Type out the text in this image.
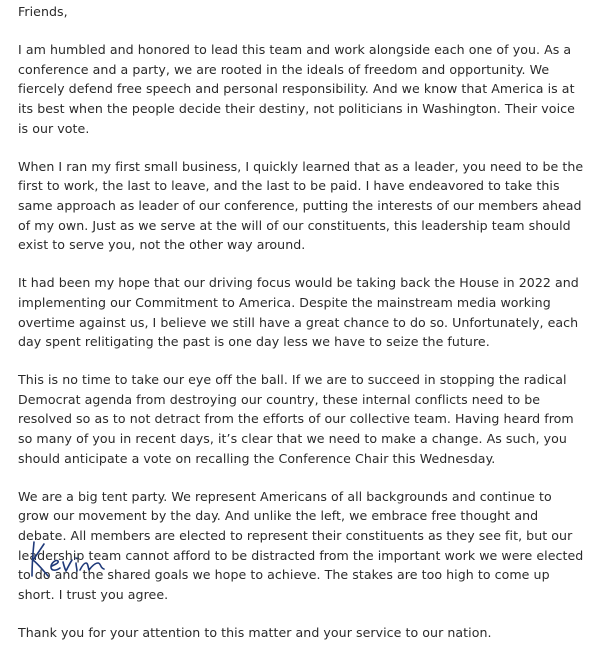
Friends,

I am humbled and honored to lead this team and work alongside each one of you. As a conference and a party, we are rooted in the ideals of freedom and opportunity. We fiercely defend free speech and personal responsibility. And we know that America is at its best when the people decide their destiny, not politicians in Washington. Their voice is our vote.

When I ran my first small business, I quickly learned that as a leader, you need to be the first to work, the last to leave, and the last to be paid. I have endeavored to take this same approach as leader of our conference, putting the interests of our members ahead of my own. Just as we serve at the will of our constituents, this leadership team should exist to serve you, not the other way around.

It had been my hope that our driving focus would be taking back the House in 2022 and implementing our Commitment to America. Despite the mainstream media working overtime against us, I believe we still have a great chance to do so. Unfortunately, each day spent relitigating the past is one day less we have to seize the future.

This is no time to take our eye off the ball. If we are to succeed in stopping the radical Democrat agenda from destroying our country, these internal conflicts need to be resolved so as to not detract from the efforts of our collective team. Having heard from so many of you in recent days, it’s clear that we need to make a change. As such, you should anticipate a vote on recalling the Conference Chair this Wednesday.

We are a big tent party. We represent Americans of all backgrounds and continue to grow our movement by the day. And unlike the left, we embrace free thought and debate. All members are elected to represent their constituents as they see fit, but our leadership team cannot afford to be distracted from the important work we were elected to do and the shared goals we hope to achieve. The stakes are too high to come up short. I trust you agree.

Thank you for your attention to this matter and your service to our nation.
